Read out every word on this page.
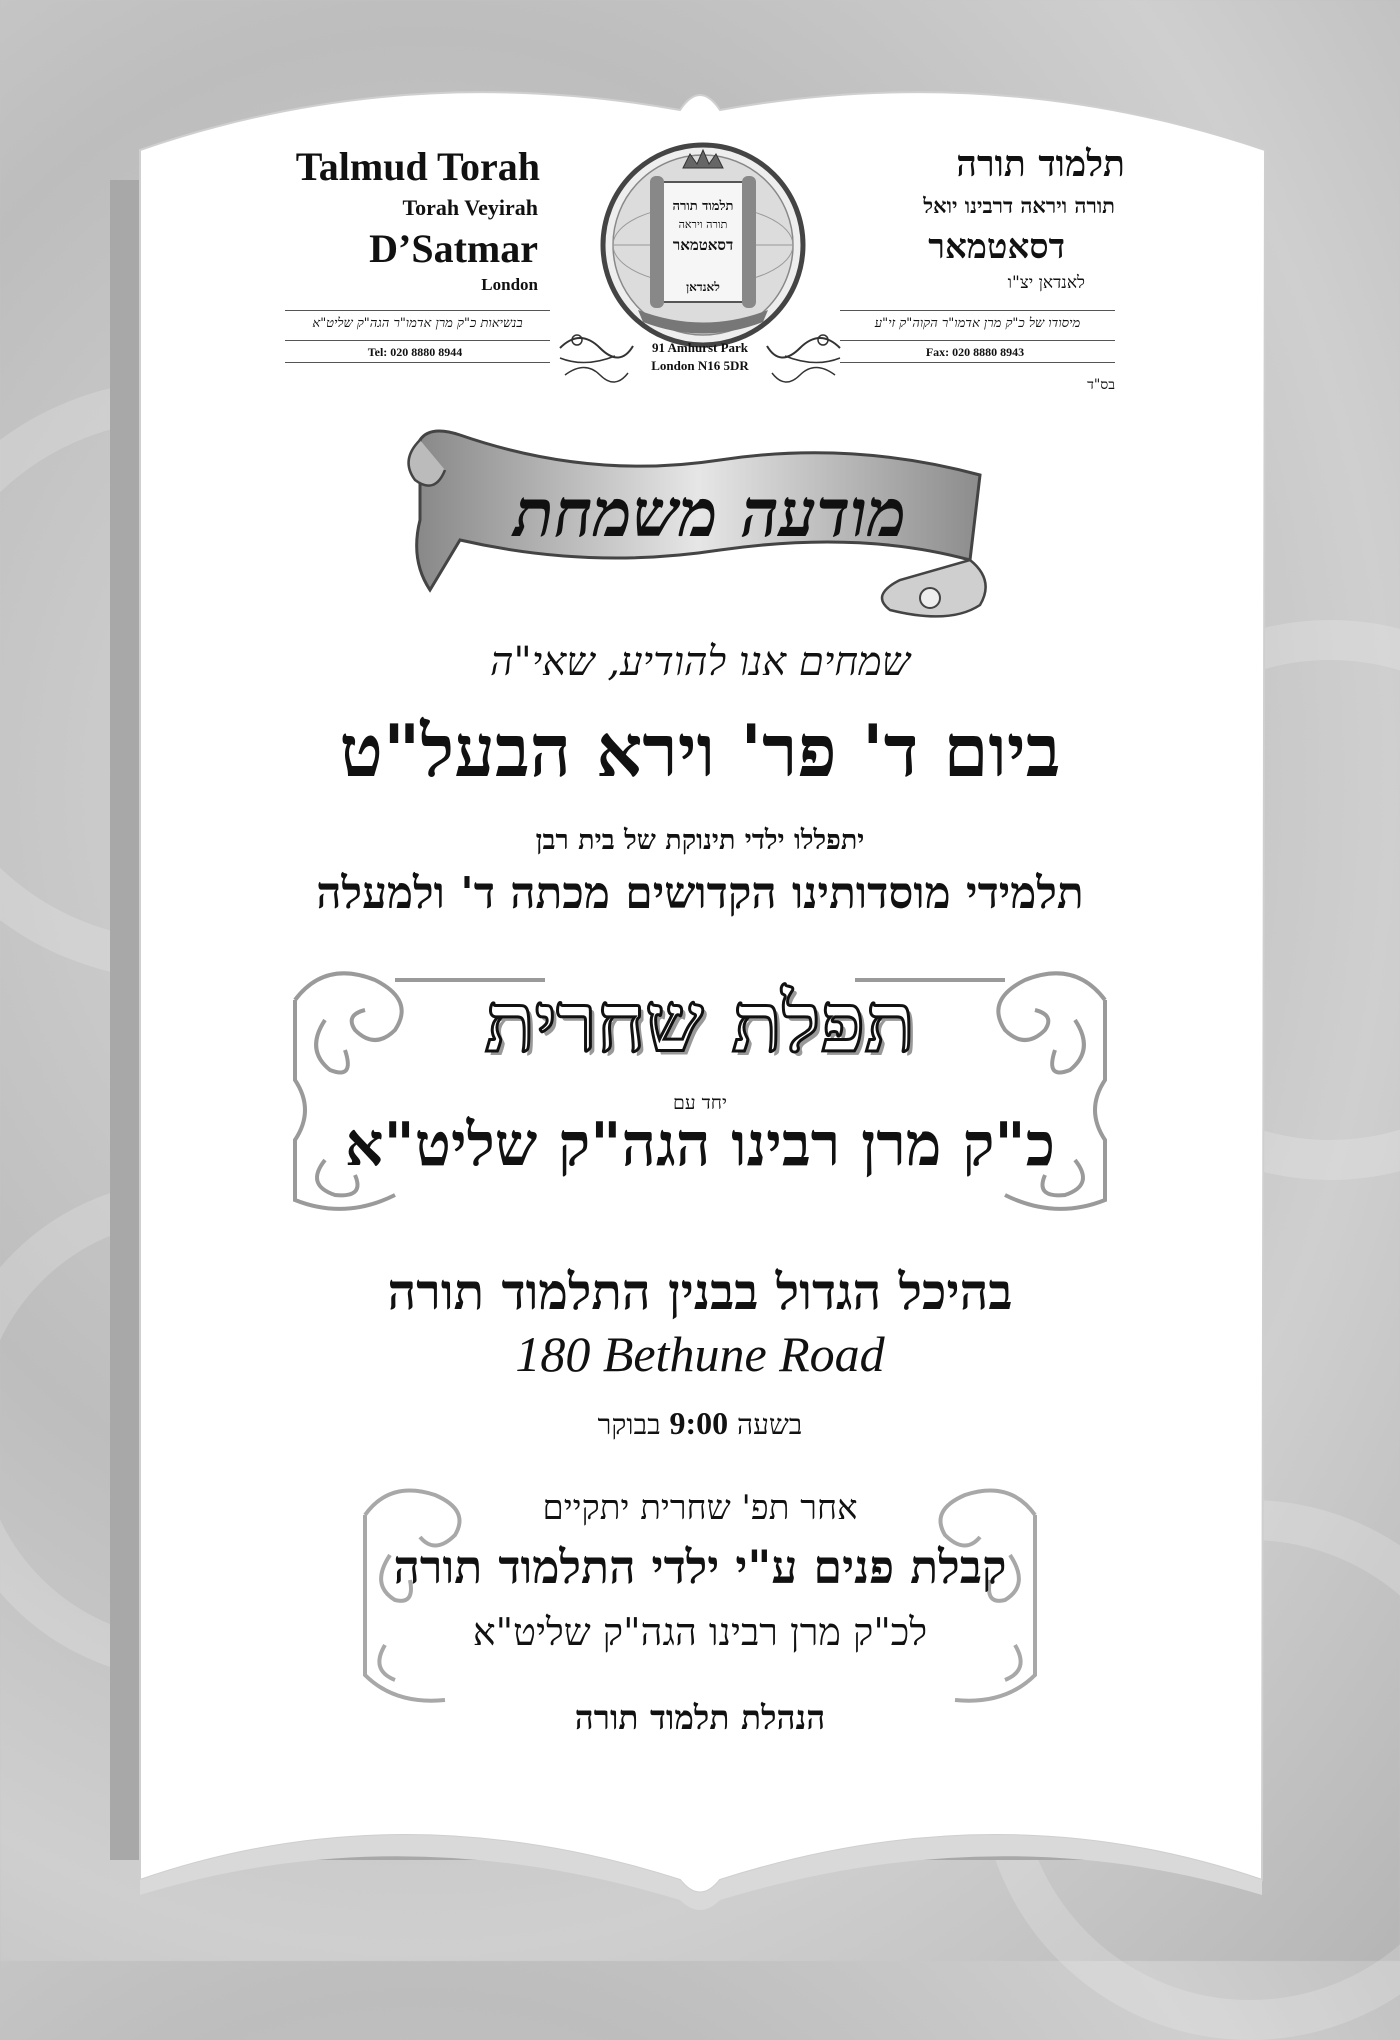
Talmud Torah
Torah Veyirah
D’Satmar
London
תלמוד תורה
תורה ויראה דרבינו יואל
דסאטמאר
לאנדאן יצ"ו
בנשיאות כ"ק מרן אדמו"ר הגה"ק שליט"א	מיסודו של כ"ק מרן אדמו"ר הקוה"ק זי"ע
Tel: 020 8880 8944	Fax: 020 8880 8943
תלמוד תורה
תורה ויראה
דסאטמאר
לאנדאן
91 Amhurst Park
London N16 5DR
בס"ד
מודעה משמחת
שמחים אנו להודיע, שאי"ה
ביום ד' פר' וירא הבעל"ט
יתפללו ילדי תינוקת של בית רבן
תלמידי מוסדותינו הקדושים מכתה ד' ולמעלה
תפלת שחרית
יחד עם
כ"ק מרן רבינו הגה"ק שליט"א
בהיכל הגדול בבנין התלמוד תורה
180 Bethune Road
בשעה 9:00 בבוקר
אחר תפ' שחרית יתקיים
קבלת פנים ע"י ילדי התלמוד תורה
לכ"ק מרן רבינו הגה"ק שליט"א
הנהלת תלמוד תורה
